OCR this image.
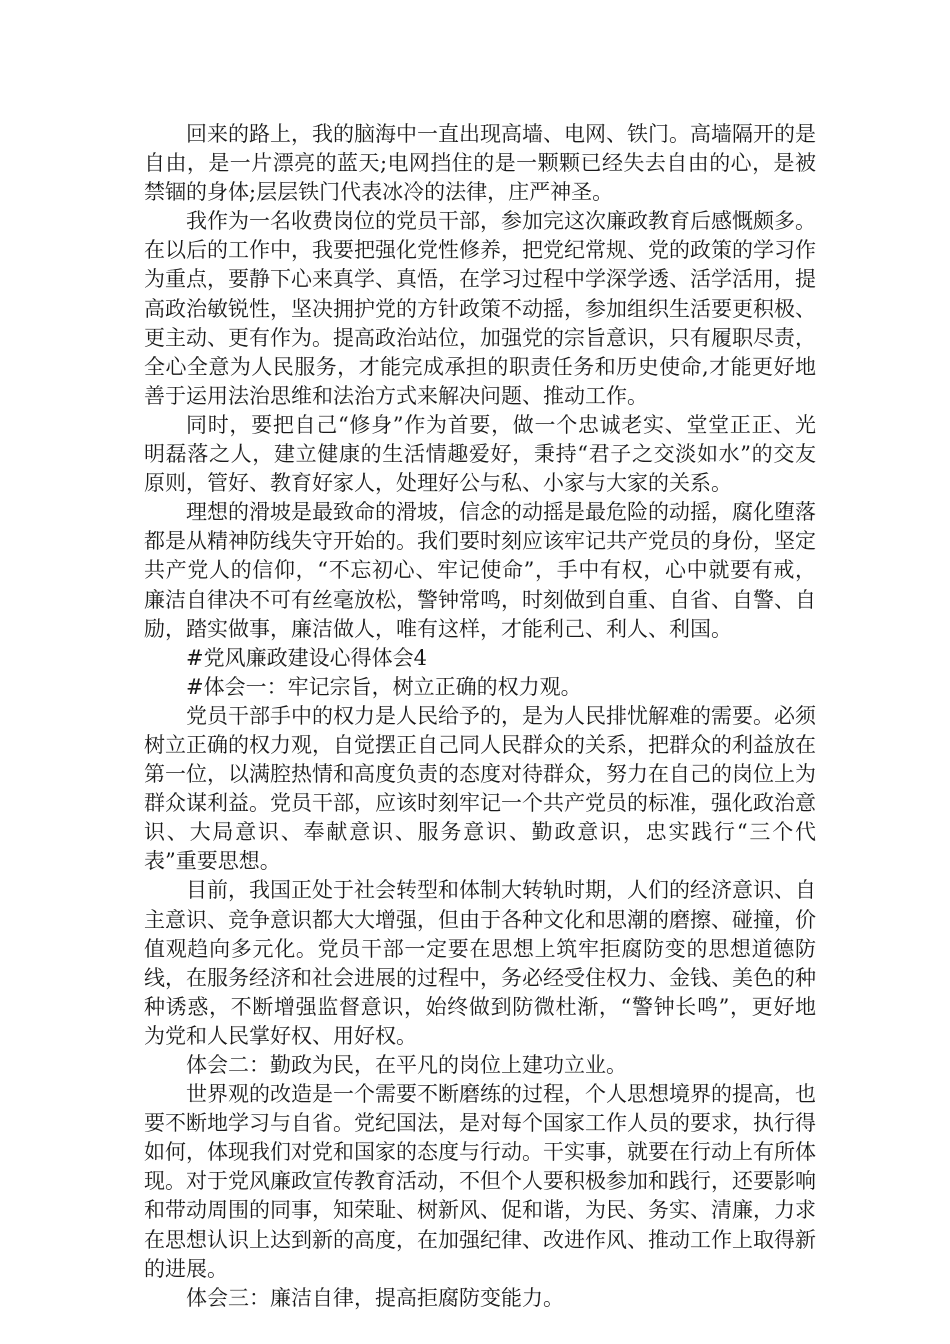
回来的路上，我的脑海中一直出现高墙、电网、铁门。高墙隔开的是自由，是一片漂亮的蓝天;电网挡住的是一颗颗已经失去自由的心，是被禁锢的身体;层层铁门代表冰冷的法律，庄严神圣。

我作为一名收费岗位的党员干部，参加完这次廉政教育后感慨颇多。在以后的工作中，我要把强化党性修养，把党纪常规、党的政策的学习作为重点，要静下心来真学、真悟，在学习过程中学深学透、活学活用，提高政治敏锐性，坚决拥护党的方针政策不动摇，参加组织生活要更积极、更主动、更有作为。提高政治站位，加强党的宗旨意识，只有履职尽责，全心全意为人民服务，才能完成承担的职责任务和历史使命,才能更好地善于运用法治思维和法治方式来解决问题、推动工作。

同时，要把自己“修身”作为首要，做一个忠诚老实、堂堂正正、光明磊落之人，建立健康的生活情趣爱好，秉持“君子之交淡如水”的交友原则，管好、教育好家人，处理好公与私、小家与大家的关系。

理想的滑坡是最致命的滑坡，信念的动摇是最危险的动摇，腐化堕落都是从精神防线失守开始的。我们要时刻应该牢记共产党员的身份，坚定共产党人的信仰，“不忘初心、牢记使命”，手中有权，心中就要有戒，廉洁自律决不可有丝毫放松，警钟常鸣，时刻做到自重、自省、自警、自励，踏实做事，廉洁做人，唯有这样，才能利己、利人、利国。

#党风廉政建设心得体会4

#体会一：牢记宗旨，树立正确的权力观。

党员干部手中的权力是人民给予的，是为人民排忧解难的需要。必须树立正确的权力观，自觉摆正自己同人民群众的关系，把群众的利益放在第一位，以满腔热情和高度负责的态度对待群众，努力在自己的岗位上为群众谋利益。党员干部，应该时刻牢记一个共产党员的标准，强化政治意识、大局意识、奉献意识、服务意识、勤政意识，忠实践行“三个代表”重要思想。

目前，我国正处于社会转型和体制大转轨时期，人们的经济意识、自主意识、竞争意识都大大增强，但由于各种文化和思潮的磨擦、碰撞，价值观趋向多元化。党员干部一定要在思想上筑牢拒腐防变的思想道德防线，在服务经济和社会进展的过程中，务必经受住权力、金钱、美色的种种诱惑，不断增强监督意识，始终做到防微杜渐，“警钟长鸣”，更好地为党和人民掌好权、用好权。

体会二：勤政为民，在平凡的岗位上建功立业。

世界观的改造是一个需要不断磨练的过程，个人思想境界的提高，也要不断地学习与自省。党纪国法，是对每个国家工作人员的要求，执行得如何，体现我们对党和国家的态度与行动。干实事，就要在行动上有所体现。对于党风廉政宣传教育活动，不但个人要积极参加和践行，还要影响和带动周围的同事，知荣耻、树新风、促和谐，为民、务实、清廉，力求在思想认识上达到新的高度，在加强纪律、改进作风、推动工作上取得新的进展。

体会三：廉洁自律，提高拒腐防变能力。
